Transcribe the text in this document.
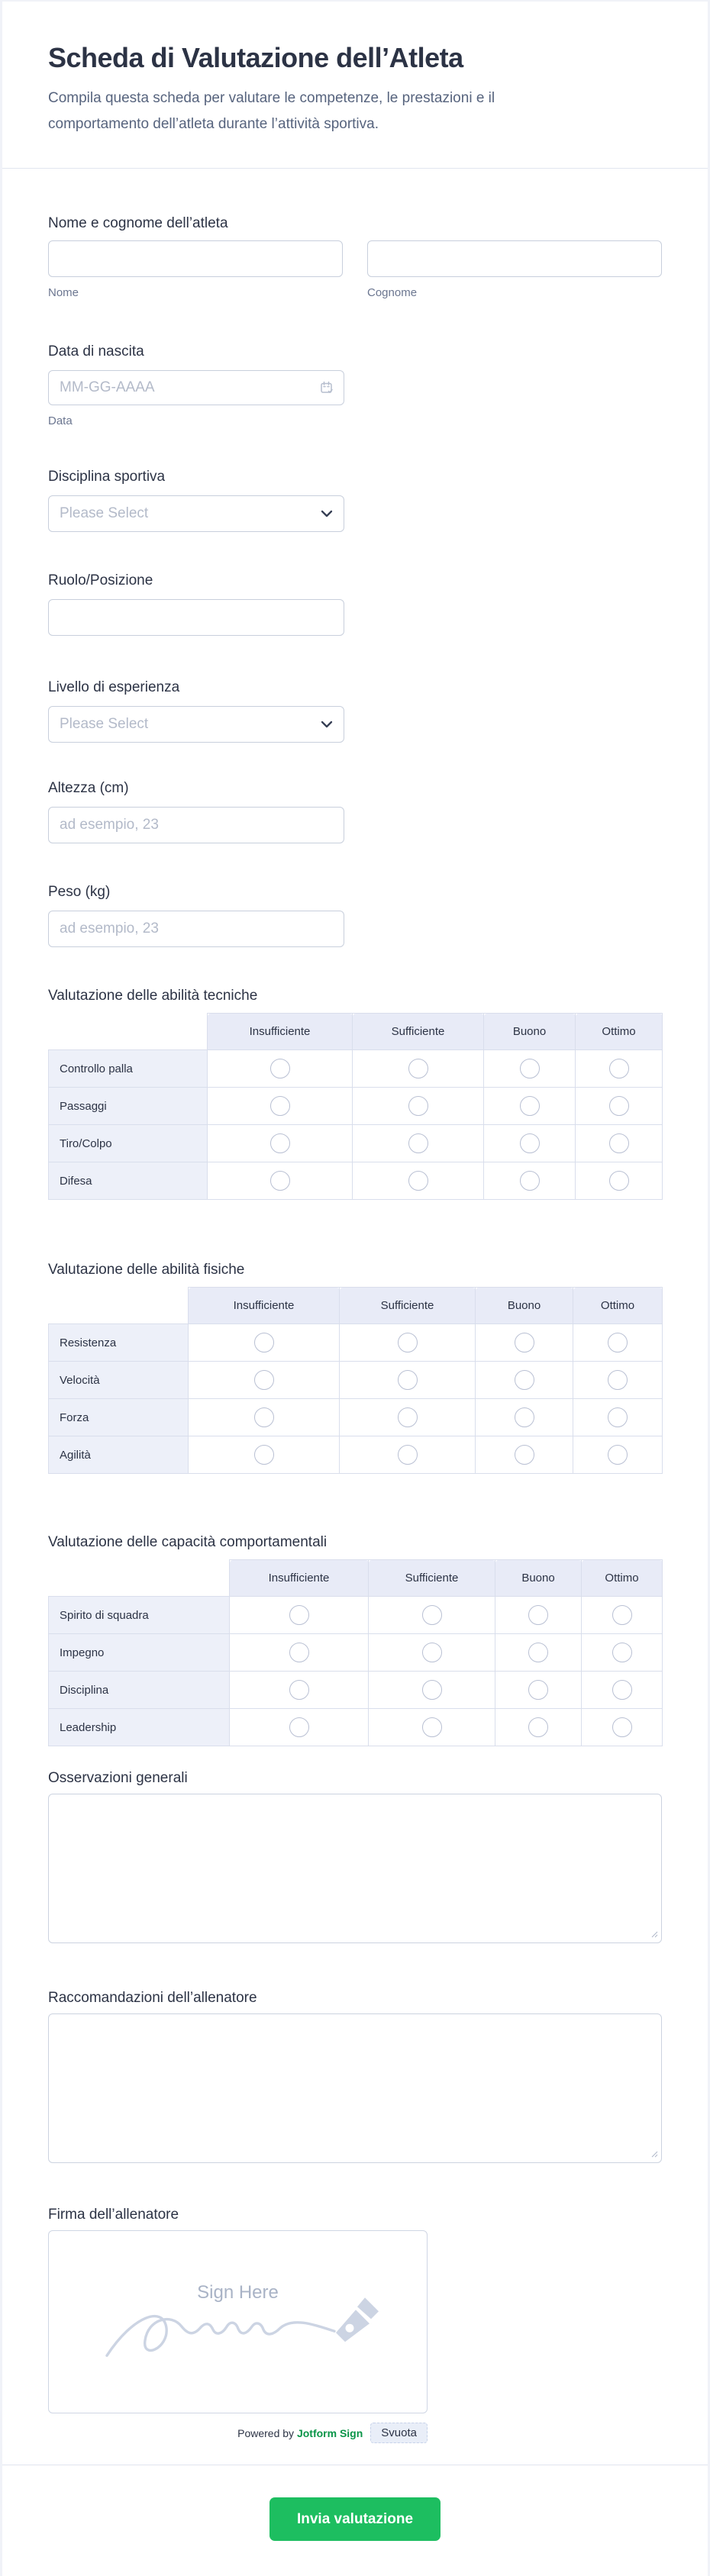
Scheda di Valutazione dell’Atleta

Compila questa scheda per valutare le competenze, le prestazioni e il comportamento dell’atleta durante l’attività sportiva.

Nome e cognome dell’atleta
Nome	Cognome
Data di nascita
MM-GG-AAAA
Data
Disciplina sportiva
Please Select
Ruolo/Posizione
Livello di esperienza
Please Select
Altezza (cm)
ad esempio, 23
Peso (kg)
ad esempio, 23
Valutazione delle abilità tecniche
	Insufficiente	Sufficiente	Buono	Ottimo
Controllo palla				
Passaggi				
Tiro/Colpo				
Difesa				
Valutazione delle abilità fisiche
	Insufficiente	Sufficiente	Buono	Ottimo
Resistenza				
Velocità				
Forza				
Agilità				
Valutazione delle capacità comportamentali
	Insufficiente	Sufficiente	Buono	Ottimo
Spirito di squadra				
Impegno				
Disciplina				
Leadership				
Osservazioni generali
Raccomandazioni dell’allenatore
Firma dell’allenatore
Sign Here
Powered by Jotform Sign	Svuota
Invia valutazione
